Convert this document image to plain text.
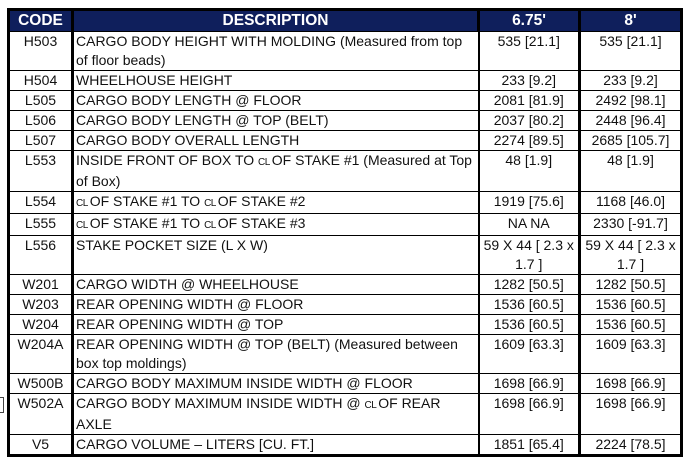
CODE	DESCRIPTION	6.75'	8'
H503	CARGO BODY HEIGHT WITH MOLDING (Measured from top of floor beads)	535 [21.1]	535 [21.1]
H504	WHEELHOUSE HEIGHT	233 [9.2]	233 [9.2]
L505	CARGO BODY LENGTH @ FLOOR	2081 [81.9]	2492 [98.1]
L506	CARGO BODY LENGTH @ TOP (BELT)	2037 [80.2]	2448 [96.4]
L507	CARGO BODY OVERALL LENGTH	2274 [89.5]	2685 [105.7]
L553	INSIDE FRONT OF BOX TO CL OF STAKE #1 (Measured at Top of Box)	48 [1.9]	48 [1.9]
L554	CL OF STAKE #1 TO CL OF STAKE #2	1919 [75.6]	1168 [46.0]
L555	CL OF STAKE #1 TO CL OF STAKE #3	NA NA	2330 [-91.7]
L556	STAKE POCKET SIZE (L X W)	59 X 44 [ 2.3 x 1.7 ]	59 X 44 [ 2.3 x 1.7 ]
W201	CARGO WIDTH @ WHEELHOUSE	1282 [50.5]	1282 [50.5]
W203	REAR OPENING WIDTH @ FLOOR	1536 [60.5]	1536 [60.5]
W204	REAR OPENING WIDTH @ TOP	1536 [60.5]	1536 [60.5]
W204A	REAR OPENING WIDTH @ TOP (BELT) (Measured between box top moldings)	1609 [63.3]	1609 [63.3]
W500B	CARGO BODY MAXIMUM INSIDE WIDTH @ FLOOR	1698 [66.9]	1698 [66.9]
W502A	CARGO BODY MAXIMUM INSIDE WIDTH @ CL OF REAR AXLE	1698 [66.9]	1698 [66.9]
V5	CARGO VOLUME – LITERS [CU. FT.]	1851 [65.4]	2224 [78.5]
